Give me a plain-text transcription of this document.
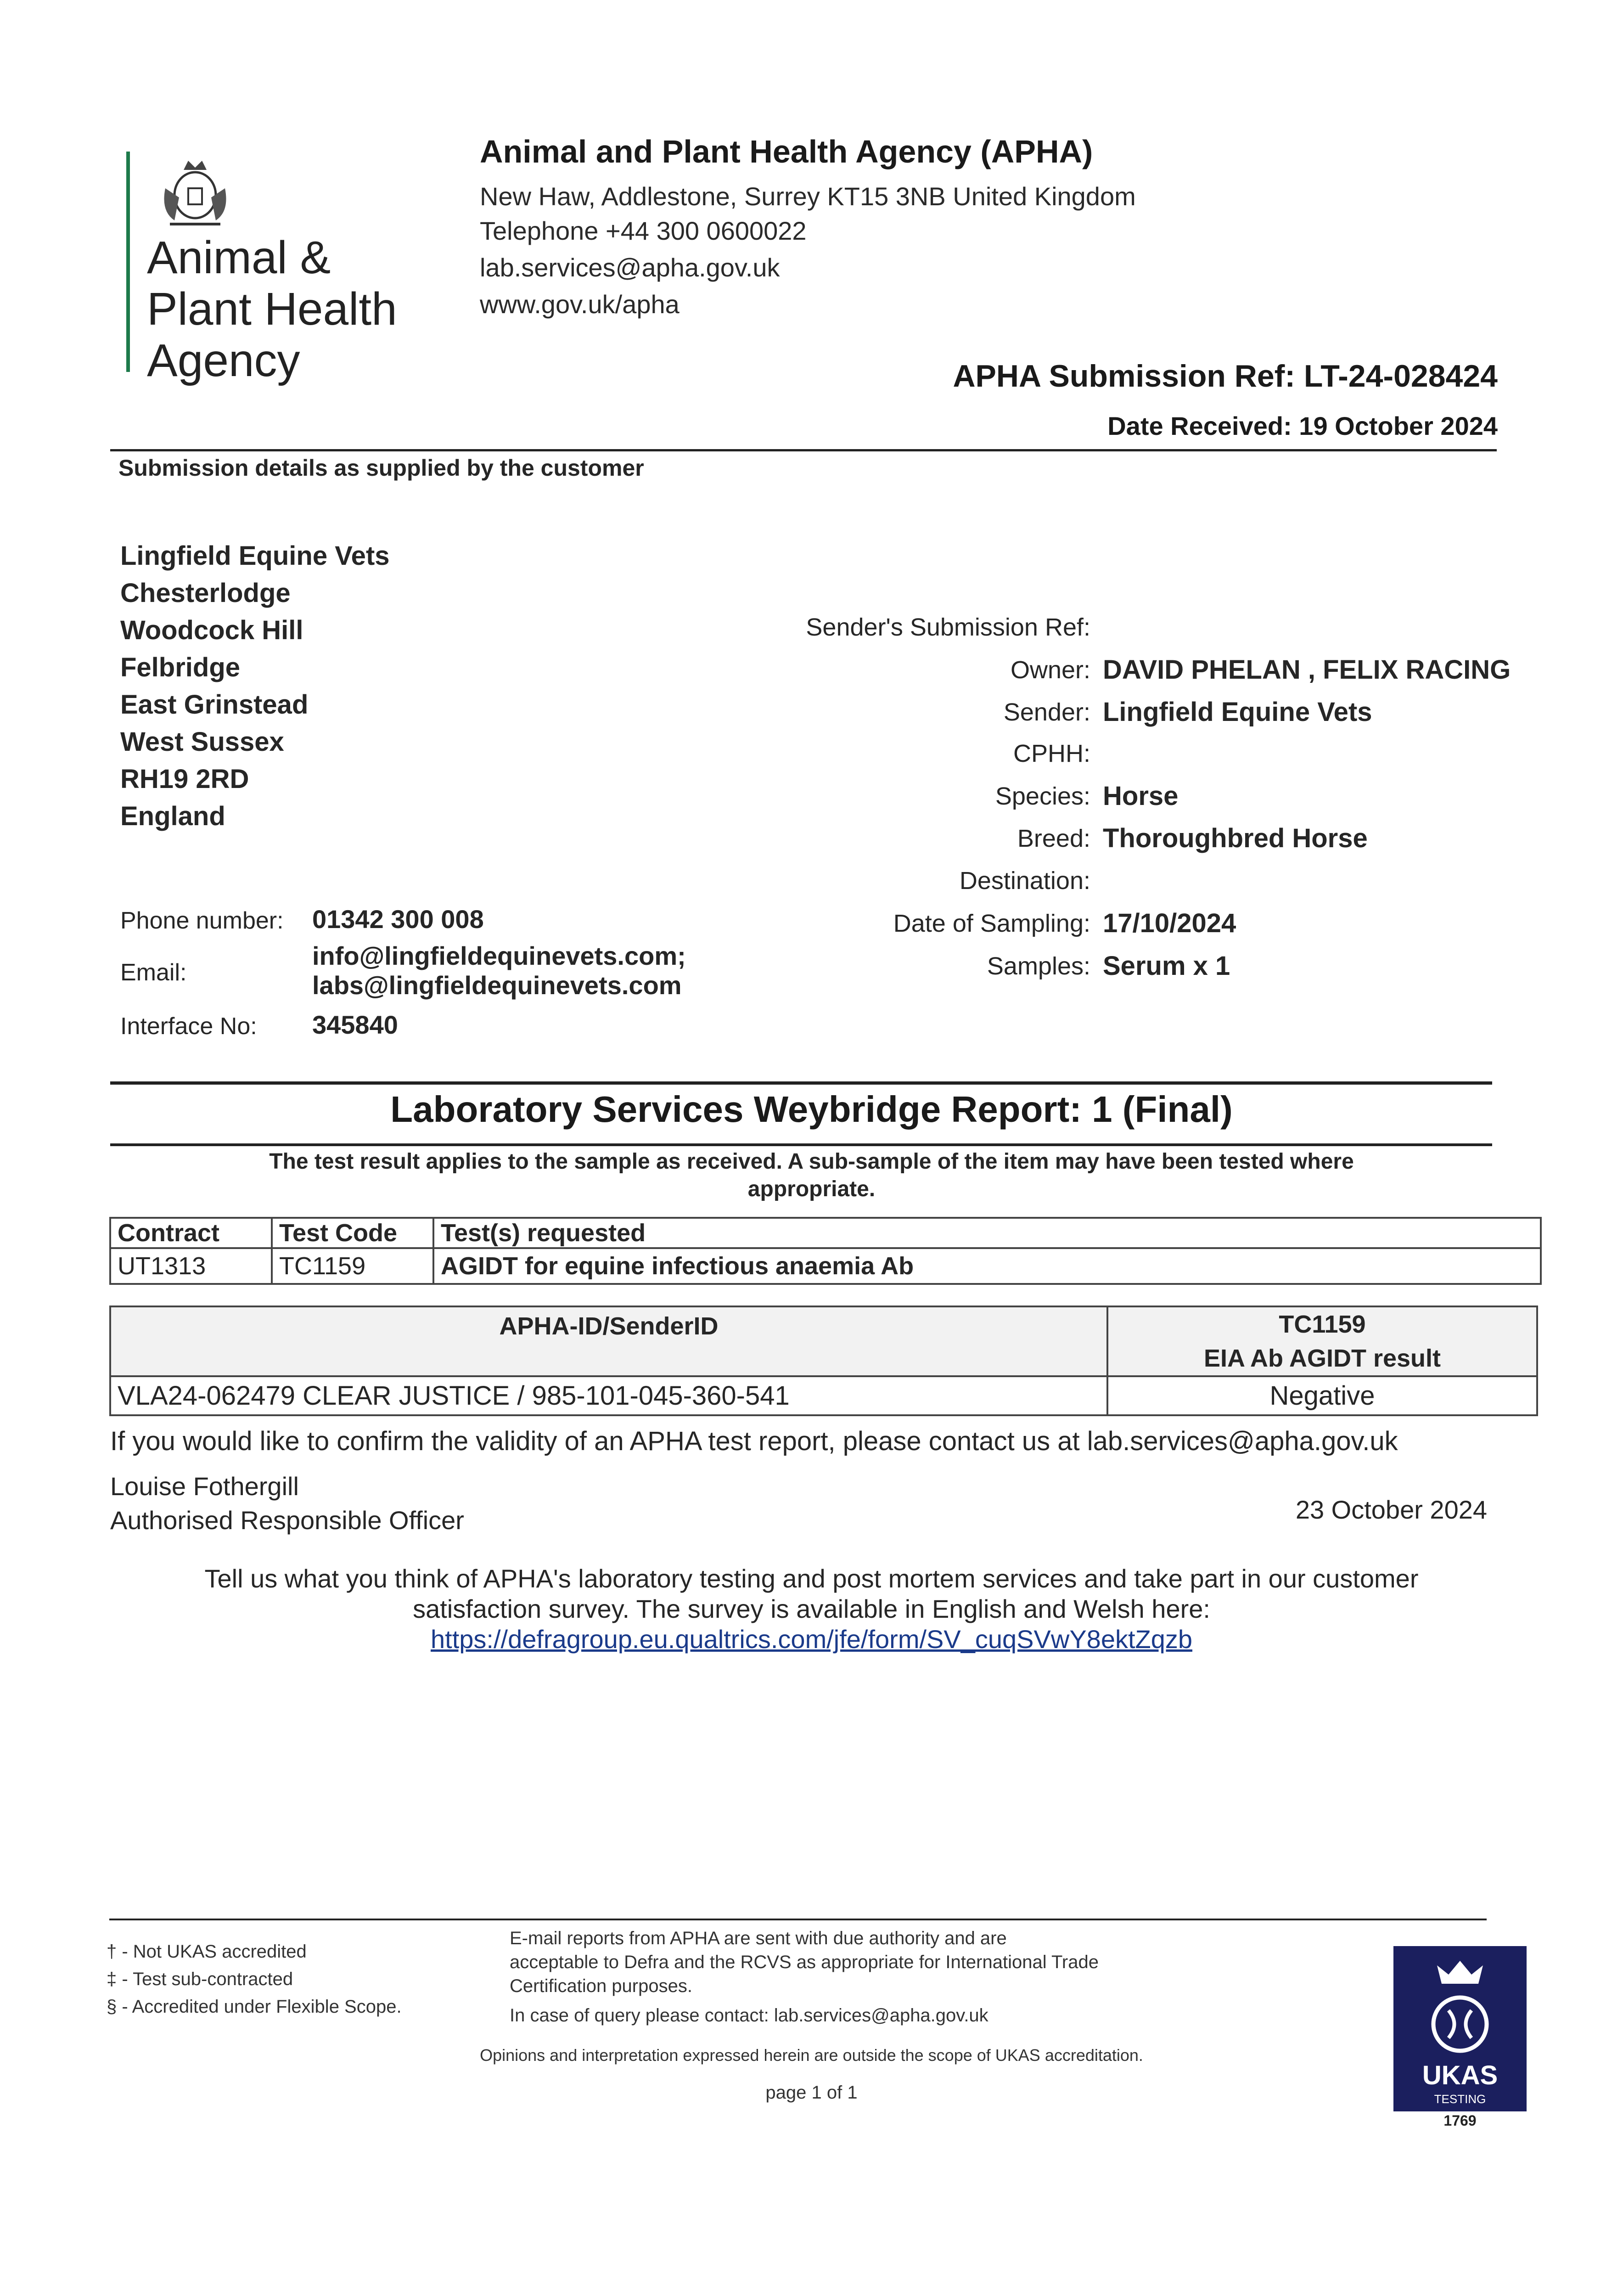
Animal &
Plant Health
Agency
Animal and Plant Health Agency (APHA)
New Haw, Addlestone, Surrey KT15 3NB United Kingdom
Telephone +44 300 0600022
lab.services@apha.gov.uk
www.gov.uk/apha
APHA Submission Ref: LT-24-028424
Date Received: 19 October 2024
Submission details as supplied by the customer
Lingfield Equine Vets
Chesterlodge
Woodcock Hill
Felbridge
East Grinstead
West Sussex
RH19 2RD
England
Phone number: 01342 300 008
Email:
info@lingfieldequinevets.com;
labs@lingfieldequinevets.com
Interface No: 345840
Sender's Submission Ref:
Owner: DAVID PHELAN , FELIX RACING
Sender: Lingfield Equine Vets
CPHH:
Species: Horse
Breed: Thoroughbred Horse
Destination:
Date of Sampling: 17/10/2024
Samples: Serum x 1
Laboratory Services Weybridge Report: 1 (Final)
The test result applies to the sample as received. A sub-sample of the item may have been tested where
appropriate.
Contract	Test Code	Test(s) requested
UT1313	TC1159	AGIDT for equine infectious anaemia Ab
APHA-ID/SenderID	TC1159
EIA Ab AGIDT result

VLA24-062479 CLEAR JUSTICE / 985-101-045-360-541	Negative
If you would like to confirm the validity of an APHA test report, please contact us at lab.services@apha.gov.uk
Louise Fothergill
Authorised Responsible Officer	23 October 2024
Tell us what you think of APHA's laboratory testing and post mortem services and take part in our customer
satisfaction survey. The survey is available in English and Welsh here:
https://defragroup.eu.qualtrics.com/jfe/form/SV_cuqSVwY8ektZqzb
† - Not UKAS accredited
‡ - Test sub-contracted
§ - Accredited under Flexible Scope.
E-mail reports from APHA are sent with due authority and are
acceptable to Defra and the RCVS as appropriate for International Trade
Certification purposes.
In case of query please contact: lab.services@apha.gov.uk
Opinions and interpretation expressed herein are outside the scope of UKAS accreditation.
page 1 of 1
UKAS
TESTING
1769
